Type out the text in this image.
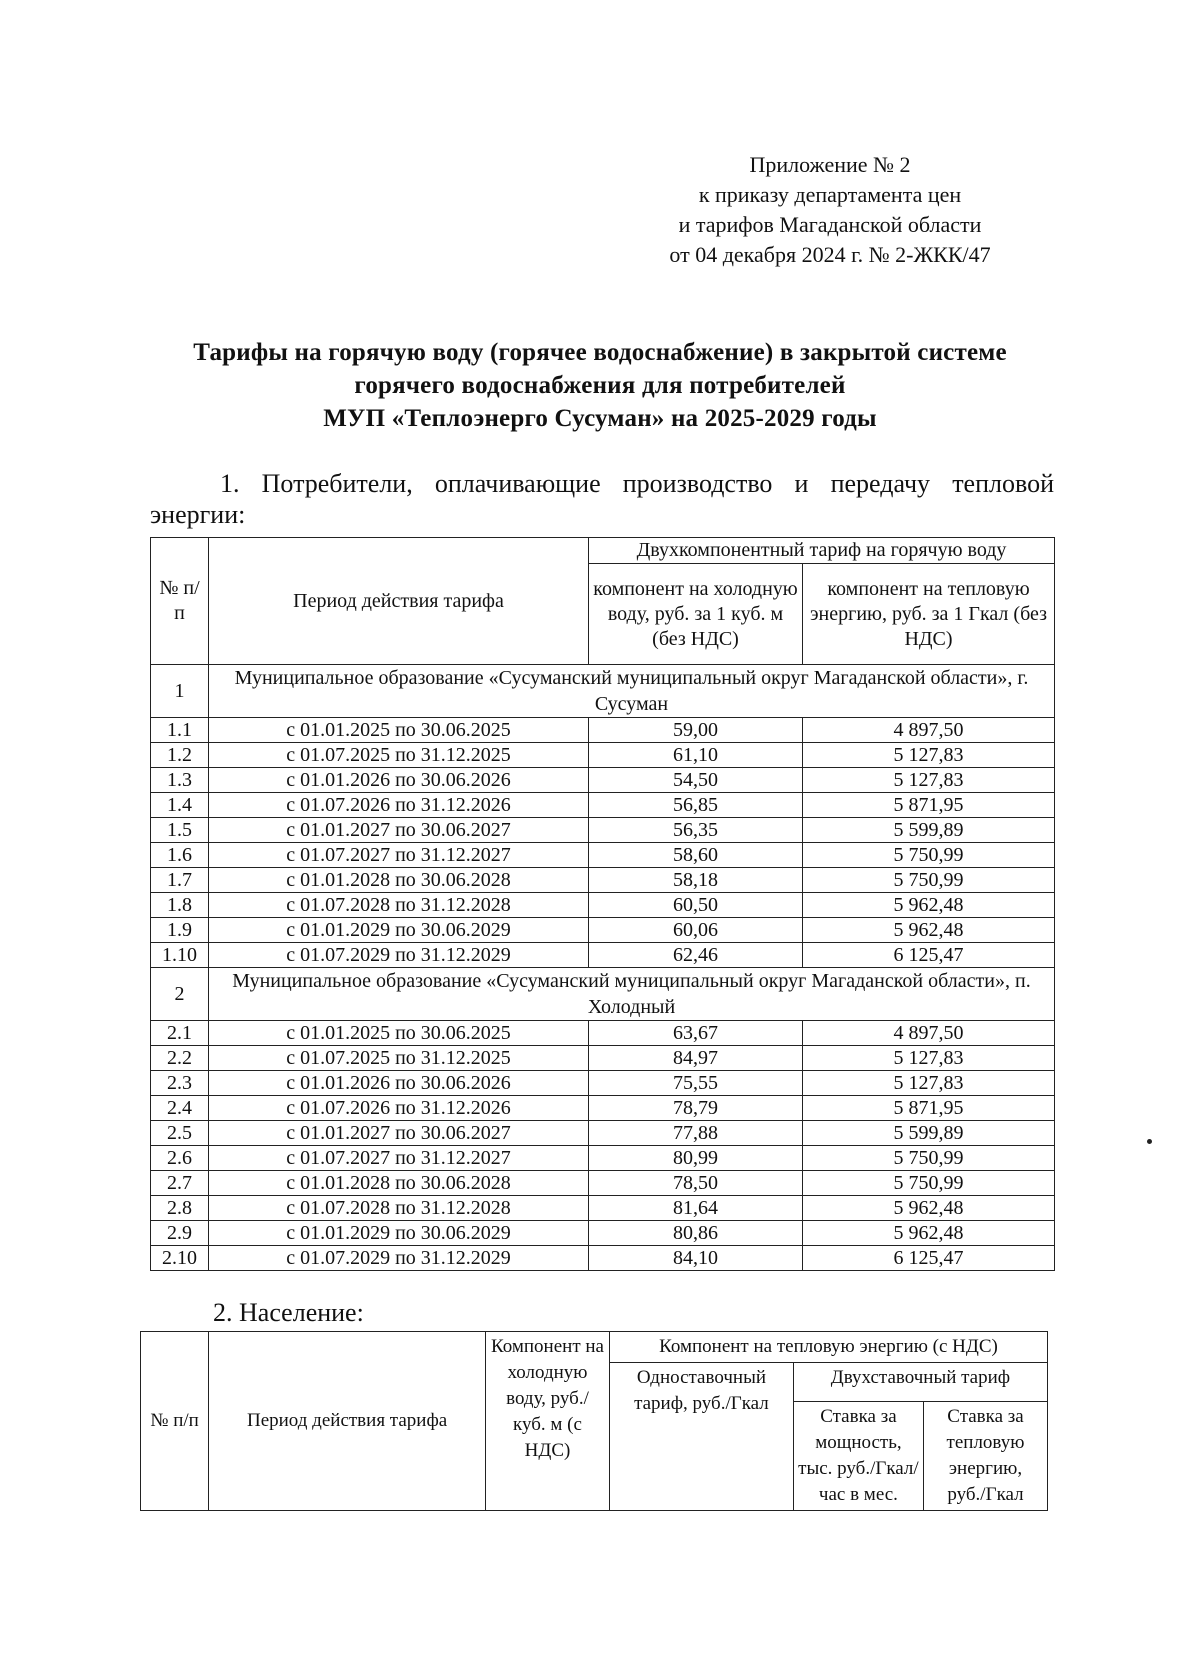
Приложение № 2
к приказу департамента цен
и тарифов Магаданской области
от 04 декабря 2024 г. № 2-ЖКК/47
Тарифы на горячую воду (горячее водоснабжение) в закрытой системе
горячего водоснабжения для потребителей
МУП «Теплоэнерго Сусуман» на 2025-2029 годы
1. Потребители, оплачивающие производство и передачу тепловой энергии:
№ п/п	Период действия тарифа	Двухкомпонентный тариф на горячую воду	
		компонент на холодную воду, руб. за 1 куб. м (без НДС)	компонент на тепловую энергию, руб. за 1 Гкал (без НДС)
1	Муниципальное образование «Сусуманский муниципальный округ Магаданской области», г. Сусуман		
1.1	с 01.01.2025 по 30.06.2025	59,00	4 897,50
1.2	с 01.07.2025 по 31.12.2025	61,10	5 127,83
1.3	с 01.01.2026 по 30.06.2026	54,50	5 127,83
1.4	с 01.07.2026 по 31.12.2026	56,85	5 871,95
1.5	с 01.01.2027 по 30.06.2027	56,35	5 599,89
1.6	с 01.07.2027 по 31.12.2027	58,60	5 750,99
1.7	с 01.01.2028 по 30.06.2028	58,18	5 750,99
1.8	с 01.07.2028 по 31.12.2028	60,50	5 962,48
1.9	с 01.01.2029 по 30.06.2029	60,06	5 962,48
1.10	с 01.07.2029 по 31.12.2029	62,46	6 125,47
2	Муниципальное образование «Сусуманский муниципальный округ Магаданской области», п. Холодный		
2.1	с 01.01.2025 по 30.06.2025	63,67	4 897,50
2.2	с 01.07.2025 по 31.12.2025	84,97	5 127,83
2.3	с 01.01.2026 по 30.06.2026	75,55	5 127,83
2.4	с 01.07.2026 по 31.12.2026	78,79	5 871,95
2.5	с 01.01.2027 по 30.06.2027	77,88	5 599,89
2.6	с 01.07.2027 по 31.12.2027	80,99	5 750,99
2.7	с 01.01.2028 по 30.06.2028	78,50	5 750,99
2.8	с 01.07.2028 по 31.12.2028	81,64	5 962,48
2.9	с 01.01.2029 по 30.06.2029	80,86	5 962,48
2.10	с 01.07.2029 по 31.12.2029	84,10	6 125,47
2. Население:
№ п/п	Период действия тарифа	Компонент на холодную воду, руб./куб. м (с НДС)	Компонент на тепловую энергию (с НДС)		
			Одноставочный тариф, руб./Гкал	Двухставочный тариф	
				Ставка за мощность, тыс. руб./Гкал/ час в мес.	Ставка за тепловую энергию, руб./Гкал
